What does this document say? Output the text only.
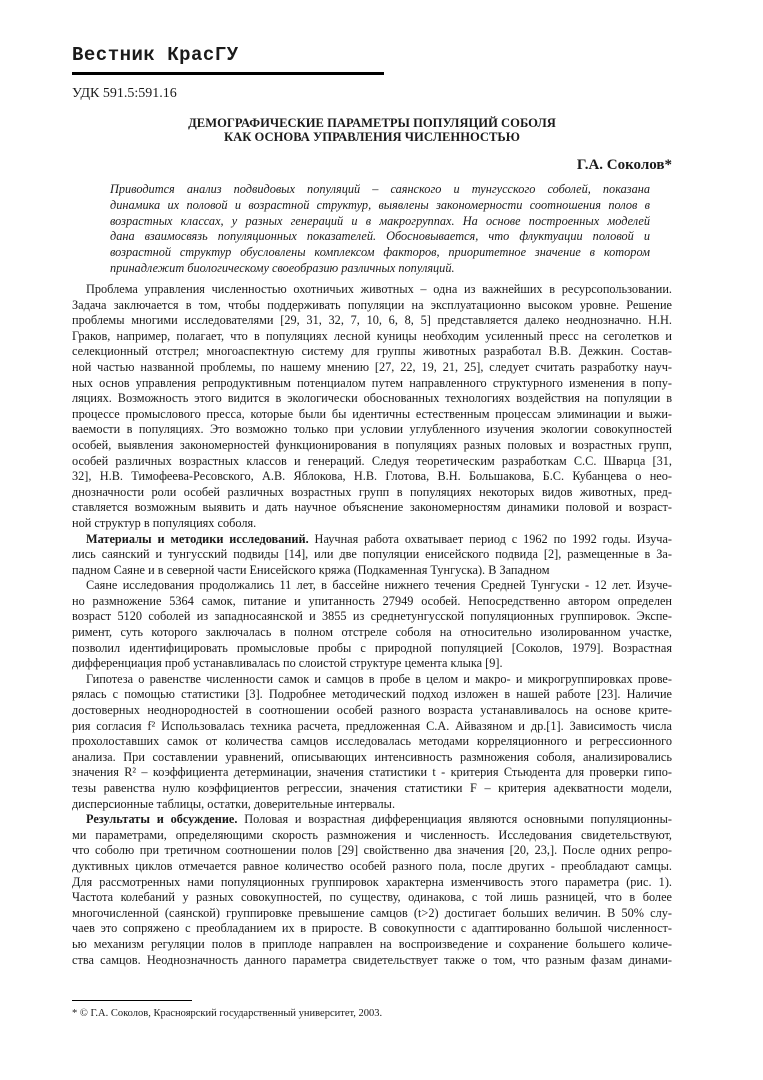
Вестник КрасГУ
УДК 591.5:591.16
ДЕМОГРАФИЧЕСКИЕ ПАРАМЕТРЫ ПОПУЛЯЦИЙ СОБОЛЯ
КАК ОСНОВА УПРАВЛЕНИЯ ЧИСЛЕННОСТЬЮ
Г.А. Соколов*
Приводится анализ подвидовых популяций – саянского и тунгусского соболей, показана
динамика их половой и возрастной структур, выявлены закономерности соотношения полов в
возрастных классах, у разных генераций и в макрогруппах. На основе построенных моделей
дана взаимосвязь популяционных показателей. Обосновывается, что флуктуации половой и
возрастной структур обусловлены комплексом факторов, приоритетное значение в котором
принадлежит биологическому своеобразию различных популяций.
Проблема управления численностью охотничьих животных – одна из важнейших в ресурсопользовании.
Задача заключается в том, чтобы поддерживать популяции на эксплуатационно высоком уровне. Решение
проблемы многими исследователями [29, 31, 32, 7, 10, 6, 8, 5] представляется далеко неоднозначно. Н.Н.
Граков, например, полагает, что в популяциях лесной куницы необходим усиленный пресс на сеголетков и
селекционный отстрел; многоаспектную систему для группы животных разработал В.В. Дежкин. Состав-
ной частью названной проблемы, по нашему мнению [27, 22, 19, 21, 25], следует считать разработку науч-
ных основ управления репродуктивным потенциалом путем направленного структурного изменения в попу-
ляциях. Возможность этого видится в экологически обоснованных технологиях воздействия на популяции в
процессе промыслового пресса, которые были бы идентичны естественным процессам элиминации и выжи-
ваемости в популяциях. Это возможно только при условии углубленного изучения экологии совокупностей
особей, выявления закономерностей функционирования в популяциях разных половых и возрастных групп,
особей различных возрастных классов и генераций. Следуя теоретическим разработкам С.С. Шварца [31,
32], Н.В. Тимофеева-Ресовского, А.В. Яблокова, Н.В. Глотова, В.Н. Большакова, Б.С. Кубанцева о нео-
днозначности роли особей различных возрастных групп в популяциях некоторых видов животных, пред-
ставляется возможным выявить и дать научное объяснение закономерностям динамики половой и возраст-
ной структур в популяциях соболя.
Материалы и методики исследований. Научная работа охватывает период с 1962 по 1992 годы. Изуча-
лись саянский и тунгусский подвиды [14], или две популяции енисейского подвида [2], размещенные в За-
падном Саяне и в северной части Енисейского кряжа (Подкаменная Тунгуска). В Западном
Саяне исследования продолжались 11 лет, в бассейне нижнего течения Средней Тунгуски - 12 лет. Изуче-
но размножение 5364 самок, питание и упитанность 27949 особей. Непосредственно автором определен
возраст 5120 соболей из западносаянской и 3855 из среднетунгусской популяционных группировок. Экспе-
римент, суть которого заключалась в полном отстреле соболя на относительно изолированном участке,
позволил идентифицировать промысловые пробы с природной популяцией [Соколов, 1979]. Возрастная
дифференциация проб устанавливалась по слоистой структуре цемента клыка [9].
Гипотеза о равенстве численности самок и самцов в пробе в целом и макро- и микрогруппировках прове-
рялась с помощью статистики [3]. Подробнее методический подход изложен в нашей работе [23]. Наличие
достоверных неоднородностей в соотношении особей разного возраста устанавливалось на основе крите-
рия согласия f² Использовалась техника расчета, предложенная С.А. Айвазяном и др.[1]. Зависимость числа
прохолоставших самок от количества самцов исследовалась методами корреляционного и регрессионного
анализа. При составлении уравнений, описывающих интенсивность размножения соболя, анализировались
значения R² – коэффициента детерминации, значения статистики t - критерия Стьюдента для проверки гипо-
тезы равенства нулю коэффициентов регрессии, значения статистики F – критерия адекватности модели,
дисперсионные таблицы, остатки, доверительные интервалы.
Результаты и обсуждение. Половая и возрастная дифференциация являются основными популяционны-
ми параметрами, определяющими скорость размножения и численность. Исследования свидетельствуют,
что соболю при третичном соотношении полов [29] свойственно два значения [20, 23,]. После одних репро-
дуктивных циклов отмечается равное количество особей разного пола, после других - преобладают самцы.
Для рассмотренных нами популяционных группировок характерна изменчивость этого параметра (рис. 1).
Частота колебаний у разных совокупностей, по существу, одинакова, с той лишь разницей, что в более
многочисленной (саянской) группировке превышение самцов (t>2) достигает больших величин. В 50% слу-
чаев это сопряжено с преобладанием их в приросте. В совокупности с адаптированно большой численност-
ью механизм регуляции полов в приплоде направлен на воспроизведение и сохранение большего количе-
ства самцов. Неоднозначность данного параметра свидетельствует также о том, что разным фазам динами-
* © Г.А. Соколов, Красноярский государственный университет, 2003.
